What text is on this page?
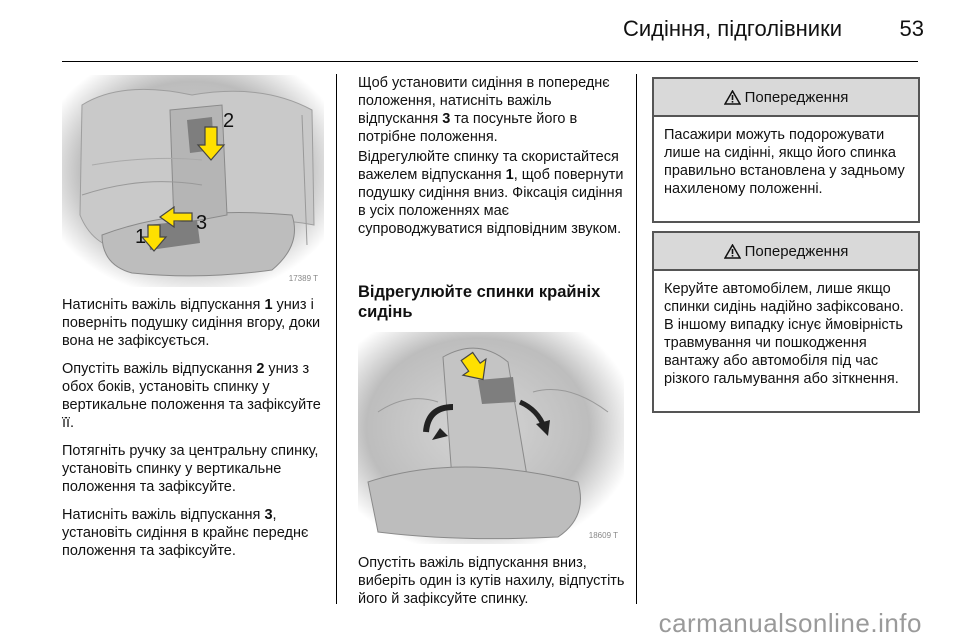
Сидіння, підголівники	53
2
3
1
17389 T

Натисніть важіль відпускання 1 униз і поверніть подушку сидіння вгору, доки вона не зафіксується.

Опустіть важіль відпускання 2 униз з обох боків, установіть спинку у вертикальне положення та зафіксуйте її.

Потягніть ручку за центральну спинку, установіть спинку у вертикальне положення та зафіксуйте.

Натисніть важіль відпускання 3, установіть сидіння в крайнє переднє положення та зафіксуйте.

Щоб установити сидіння в попереднє положення, натисніть важіль відпускання 3 та посуньте його в потрібне положення.

Відрегулюйте спинку та скористайтеся важелем відпускання 1, щоб повернути подушку сидіння вниз. Фіксація сидіння в усіх положеннях має супроводжуватися відповідним звуком.

Відрегулюйте спинки крайніх сидінь

18609 T

Опустіть важіль відпускання вниз, виберіть один із кутів нахилу, відпустіть його й зафіксуйте спинку.

Попередження
Пасажири можуть подорожувати лише на сидінні, якщо його спинка правильно встановлена у задньому нахиленому положенні.
Попередження
Керуйте автомобілем, лише якщо спинки сидінь надійно зафіксовано. В іншому випадку існує ймовірність травмування чи пошкодження вантажу або автомобіля під час різкого гальмування або зіткнення.
carmanualsonline.info
